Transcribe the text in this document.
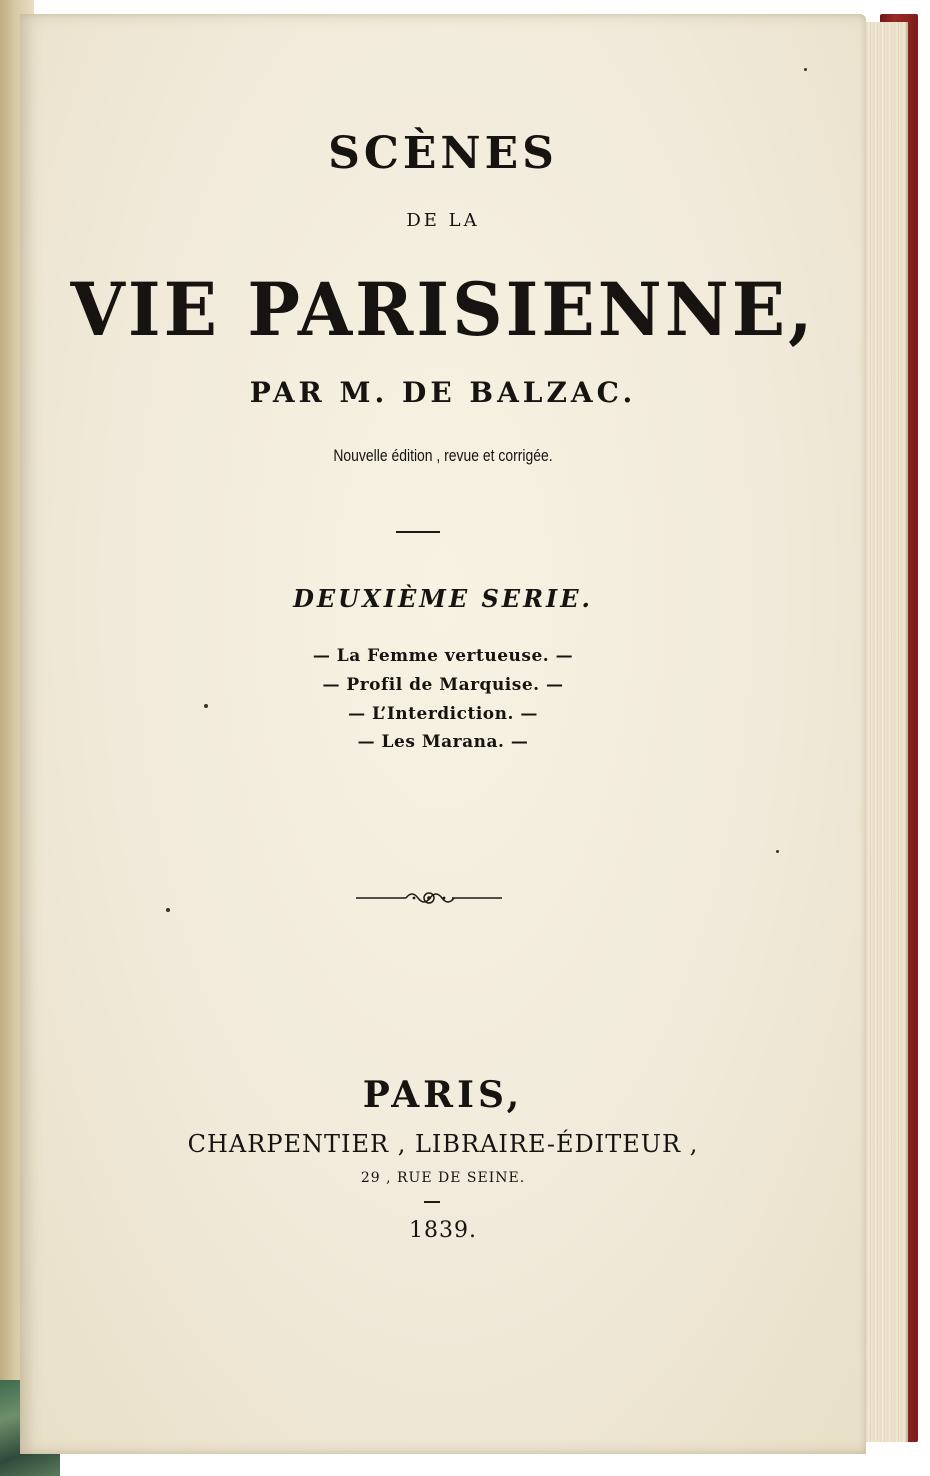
SCÈNES
DE LA
VIE PARISIENNE,
PAR M. DE BALZAC.
Nouvelle édition , revue et corrigée.
DEUXIÈME SERIE.
— La Femme vertueuse. —
— Profil de Marquise. —
— L’Interdiction. —
— Les Marana. —
PARIS,
CHARPENTIER , LIBRAIRE-ÉDITEUR ,
29 , RUE DE SEINE.
1839.
